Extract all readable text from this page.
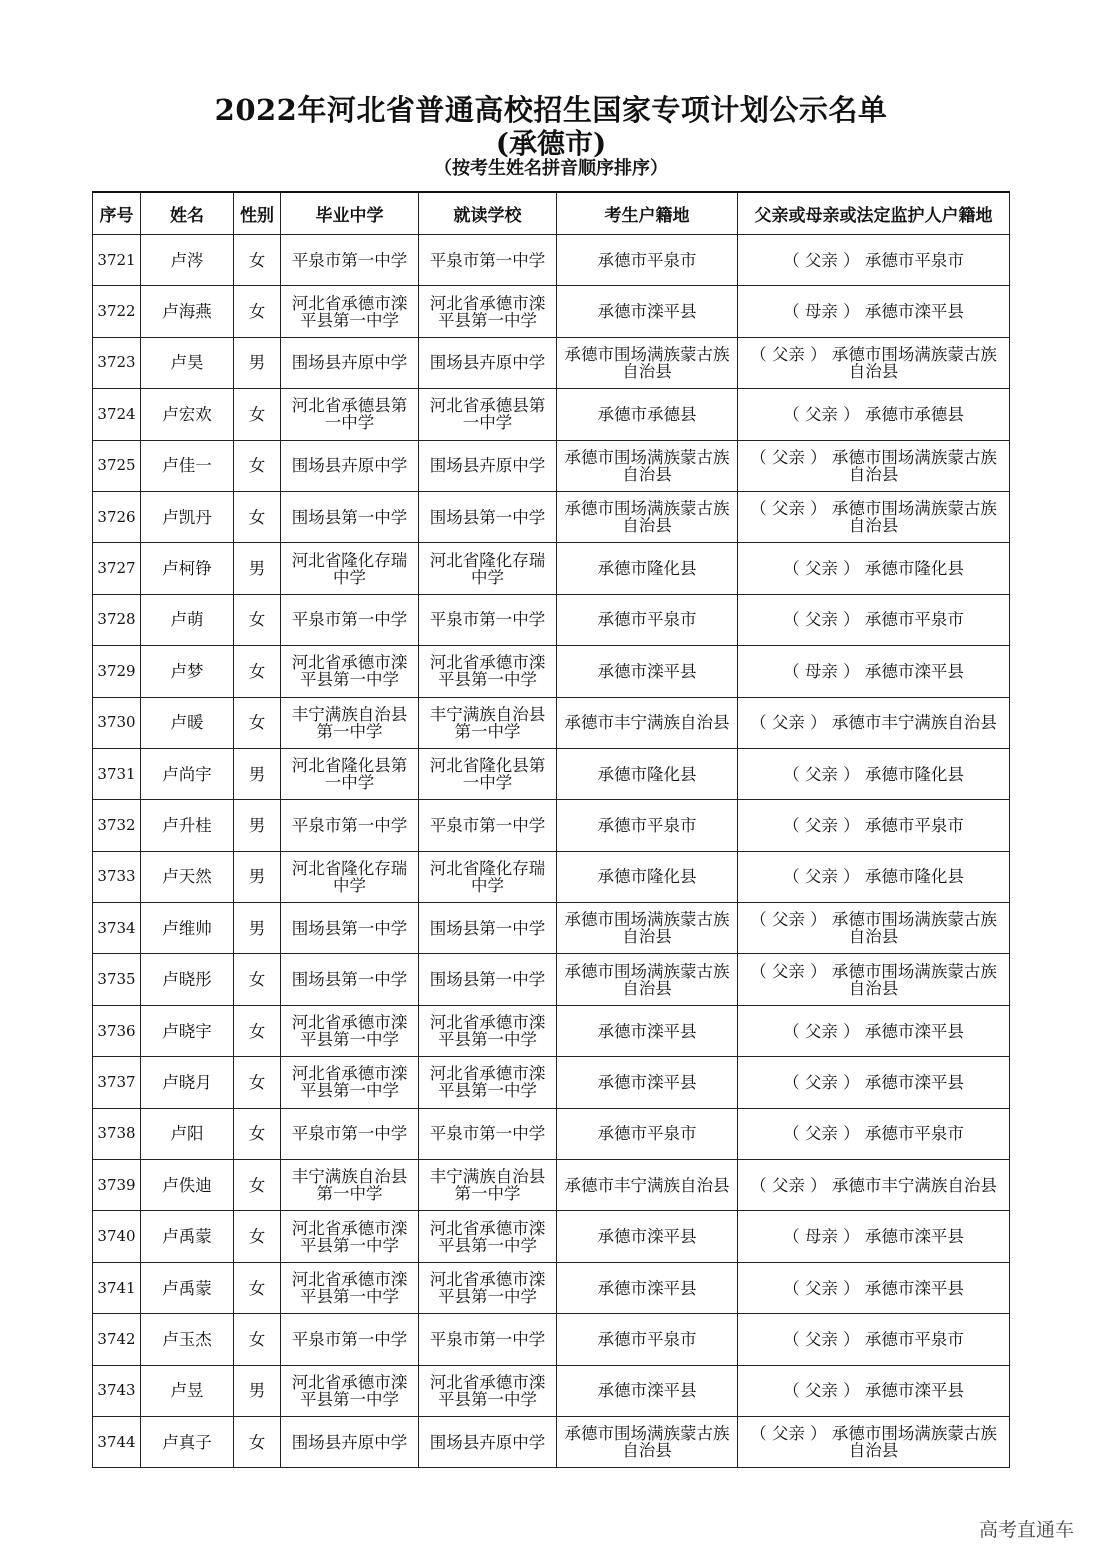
2022年河北省普通高校招生国家专项计划公示名单
(承德市)
（按考生姓名拼音顺序排序）
序号	姓名	性别	毕业中学	就读学校	考生户籍地	父亲或母亲或法定监护人户籍地
3721	卢涔	女	平泉市第一中学	平泉市第一中学	承德市平泉市	（ 父亲 ） 承德市平泉市
3722	卢海燕	女	河北省承德市滦平县第一中学	河北省承德市滦平县第一中学	承德市滦平县	（ 母亲 ） 承德市滦平县
3723	卢昊	男	围场县卉原中学	围场县卉原中学	承德市围场满族蒙古族自治县	（ 父亲 ） 承德市围场满族蒙古族自治县
3724	卢宏欢	女	河北省承德县第一中学	河北省承德县第一中学	承德市承德县	（ 父亲 ） 承德市承德县
3725	卢佳一	女	围场县卉原中学	围场县卉原中学	承德市围场满族蒙古族自治县	（ 父亲 ） 承德市围场满族蒙古族自治县
3726	卢凯丹	女	围场县第一中学	围场县第一中学	承德市围场满族蒙古族自治县	（ 父亲 ） 承德市围场满族蒙古族自治县
3727	卢柯铮	男	河北省隆化存瑞中学	河北省隆化存瑞中学	承德市隆化县	（ 父亲 ） 承德市隆化县
3728	卢萌	女	平泉市第一中学	平泉市第一中学	承德市平泉市	（ 父亲 ） 承德市平泉市
3729	卢梦	女	河北省承德市滦平县第一中学	河北省承德市滦平县第一中学	承德市滦平县	（ 母亲 ） 承德市滦平县
3730	卢暖	女	丰宁满族自治县第一中学	丰宁满族自治县第一中学	承德市丰宁满族自治县	（ 父亲 ） 承德市丰宁满族自治县
3731	卢尚宇	男	河北省隆化县第一中学	河北省隆化县第一中学	承德市隆化县	（ 父亲 ） 承德市隆化县
3732	卢升桂	男	平泉市第一中学	平泉市第一中学	承德市平泉市	（ 父亲 ） 承德市平泉市
3733	卢天然	男	河北省隆化存瑞中学	河北省隆化存瑞中学	承德市隆化县	（ 父亲 ） 承德市隆化县
3734	卢维帅	男	围场县第一中学	围场县第一中学	承德市围场满族蒙古族自治县	（ 父亲 ） 承德市围场满族蒙古族自治县
3735	卢晓彤	女	围场县第一中学	围场县第一中学	承德市围场满族蒙古族自治县	（ 父亲 ） 承德市围场满族蒙古族自治县
3736	卢晓宇	女	河北省承德市滦平县第一中学	河北省承德市滦平县第一中学	承德市滦平县	（ 父亲 ） 承德市滦平县
3737	卢晓月	女	河北省承德市滦平县第一中学	河北省承德市滦平县第一中学	承德市滦平县	（ 父亲 ） 承德市滦平县
3738	卢阳	女	平泉市第一中学	平泉市第一中学	承德市平泉市	（ 父亲 ） 承德市平泉市
3739	卢佚迪	女	丰宁满族自治县第一中学	丰宁满族自治县第一中学	承德市丰宁满族自治县	（ 父亲 ） 承德市丰宁满族自治县
3740	卢禹蒙	女	河北省承德市滦平县第一中学	河北省承德市滦平县第一中学	承德市滦平县	（ 母亲 ） 承德市滦平县
3741	卢禹蒙	女	河北省承德市滦平县第一中学	河北省承德市滦平县第一中学	承德市滦平县	（ 父亲 ） 承德市滦平县
3742	卢玉杰	女	平泉市第一中学	平泉市第一中学	承德市平泉市	（ 父亲 ） 承德市平泉市
3743	卢昱	男	河北省承德市滦平县第一中学	河北省承德市滦平县第一中学	承德市滦平县	（ 父亲 ） 承德市滦平县
3744	卢真子	女	围场县卉原中学	围场县卉原中学	承德市围场满族蒙古族自治县	（ 父亲 ） 承德市围场满族蒙古族自治县
高考直通车
